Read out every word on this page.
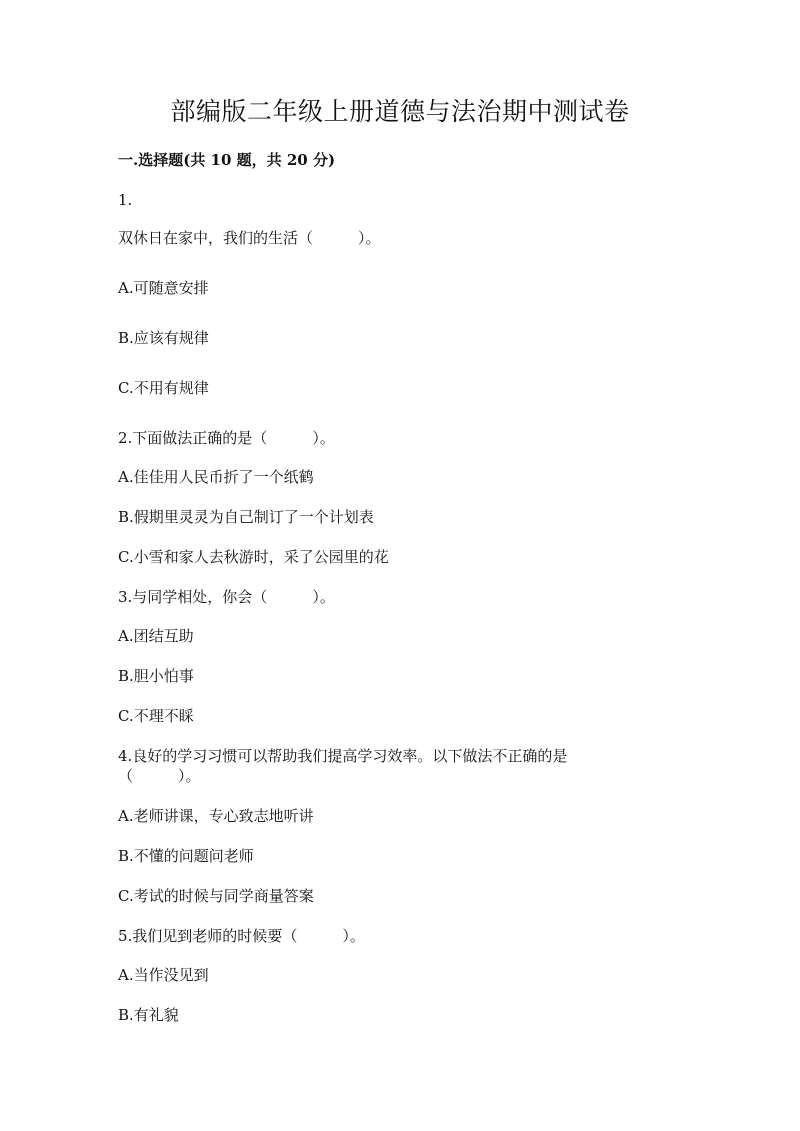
部编版二年级上册道德与法治期中测试卷
一.选择题(共 10 题，共 20 分)
1.
双休日在家中，我们的生活（　　　）。
A.可随意安排
B.应该有规律
C.不用有规律
2.下面做法正确的是（　　　）。
A.佳佳用人民币折了一个纸鹤
B.假期里灵灵为自己制订了一个计划表
C.小雪和家人去秋游时，采了公园里的花
3.与同学相处，你会（　　　）。
A.团结互助
B.胆小怕事
C.不理不睬
4.良好的学习习惯可以帮助我们提高学习效率。以下做法不正确的是
（　　　）。
A.老师讲课，专心致志地听讲
B.不懂的问题问老师
C.考试的时候与同学商量答案
5.我们见到老师的时候要（　　　）。
A.当作没见到
B.有礼貌
